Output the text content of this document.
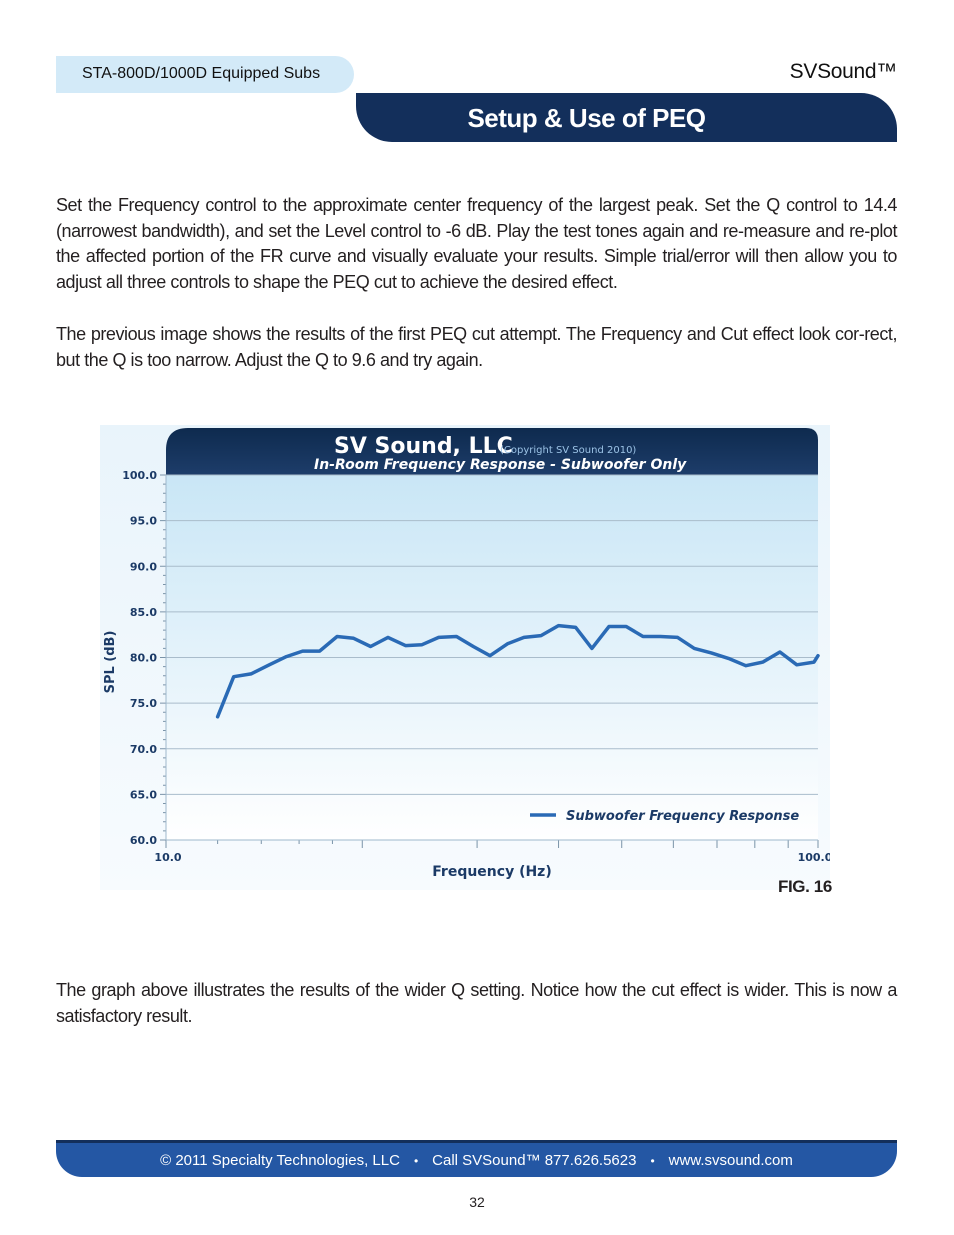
STA-800D/1000D Equipped Subs	SVSound™
Setup & Use of PEQ

Set the Frequency control to the approximate center frequency of the largest peak. Set the Q control to 14.4 (narrowest bandwidth), and set the Level control to -6 dB. Play the test tones again and re-measure and re-plot the affected portion of the FR curve and visually evaluate your results. Simple trial/error will then allow you to adjust all three controls to shape the PEQ cut to achieve the desired effect.

The previous image shows the results of the first PEQ cut attempt. The Frequency and Cut effect look cor-rect, but the Q is too narrow. Adjust the Q to 9.6 and try again.

SV Sound, LLC
(Copyright SV Sound 2010)
In-Room Frequency Response - Subwoofer Only
60.0
65.0
70.0
75.0
80.0
85.0
90.0
95.0
100.0
SPL (dB)
Frequency (Hz)
10.0	100.0
Subwoofer Frequency Response
FIG. 16

The graph above illustrates the results of the wider Q setting. Notice how the cut effect is wider. This is now a satisfactory result.

© 2011 Specialty Technologies, LLC • Call SVSound™ 877.626.5623 • www.svsound.com
32
